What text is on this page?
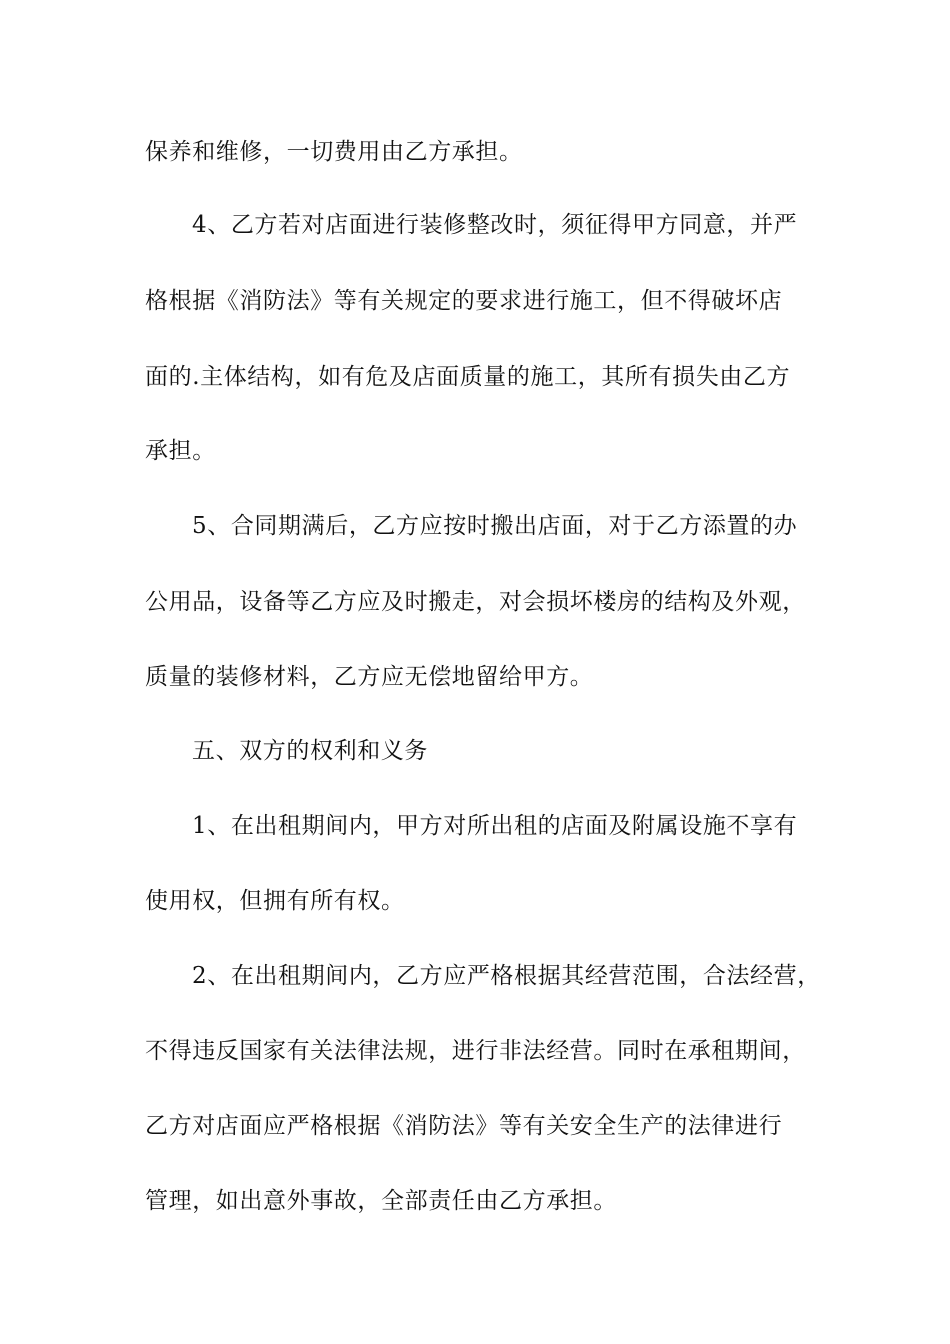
保养和维修，一切费用由乙方承担。

4、乙方若对店面进行装修整改时，须征得甲方同意，并严

格根据《消防法》等有关规定的要求进行施工，但不得破坏店

面的.主体结构，如有危及店面质量的施工，其所有损失由乙方

承担。

5、合同期满后，乙方应按时搬出店面，对于乙方添置的办

公用品，设备等乙方应及时搬走，对会损坏楼房的结构及外观，

质量的装修材料，乙方应无偿地留给甲方。

五、双方的权利和义务

1、在出租期间内，甲方对所出租的店面及附属设施不享有

使用权，但拥有所有权。

2、在出租期间内，乙方应严格根据其经营范围，合法经营，

不得违反国家有关法律法规，进行非法经营。同时在承租期间，

乙方对店面应严格根据《消防法》等有关安全生产的法律进行

管理，如出意外事故，全部责任由乙方承担。
